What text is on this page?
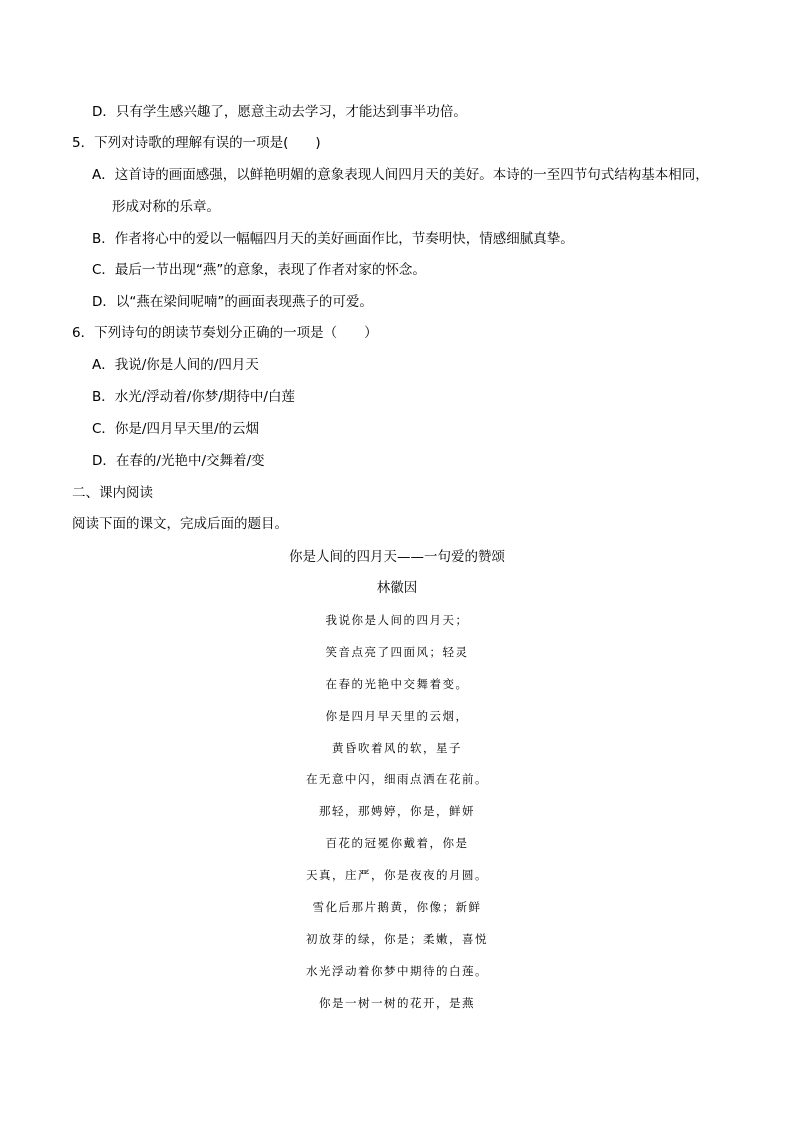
D．只有学生感兴趣了，愿意主动去学习，才能达到事半功倍。
5．下列对诗歌的理解有误的一项是(　　)
A．这首诗的画面感强，以鲜艳明媚的意象表现人间四月天的美好。本诗的一至四节句式结构基本相同，
形成对称的乐章。
B．作者将心中的爱以一幅幅四月天的美好画面作比，节奏明快，情感细腻真挚。
C．最后一节出现“燕”的意象，表现了作者对家的怀念。
D．以“燕在梁间呢喃”的画面表现燕子的可爱。
6．下列诗句的朗读节奏划分正确的一项是（　　）
A．我说/你是人间的/四月天
B．水光/浮动着/你梦/期待中/白莲
C．你是/四月早天里/的云烟
D．在春的/光艳中/交舞着/变
二、课内阅读
阅读下面的课文，完成后面的题目。
你是人间的四月天——一句爱的赞颂
林徽因
我说你是人间的四月天；
笑音点亮了四面风；轻灵
在春的光艳中交舞着变。
你是四月早天里的云烟，
黄昏吹着风的软，星子
在无意中闪，细雨点洒在花前。
那轻，那娉婷，你是，鲜妍
百花的冠冕你戴着，你是
天真，庄严，你是夜夜的月圆。
雪化后那片鹅黄，你像；新鲜
初放芽的绿，你是；柔嫩，喜悦
水光浮动着你梦中期待的白莲。
你是一树一树的花开，是燕
